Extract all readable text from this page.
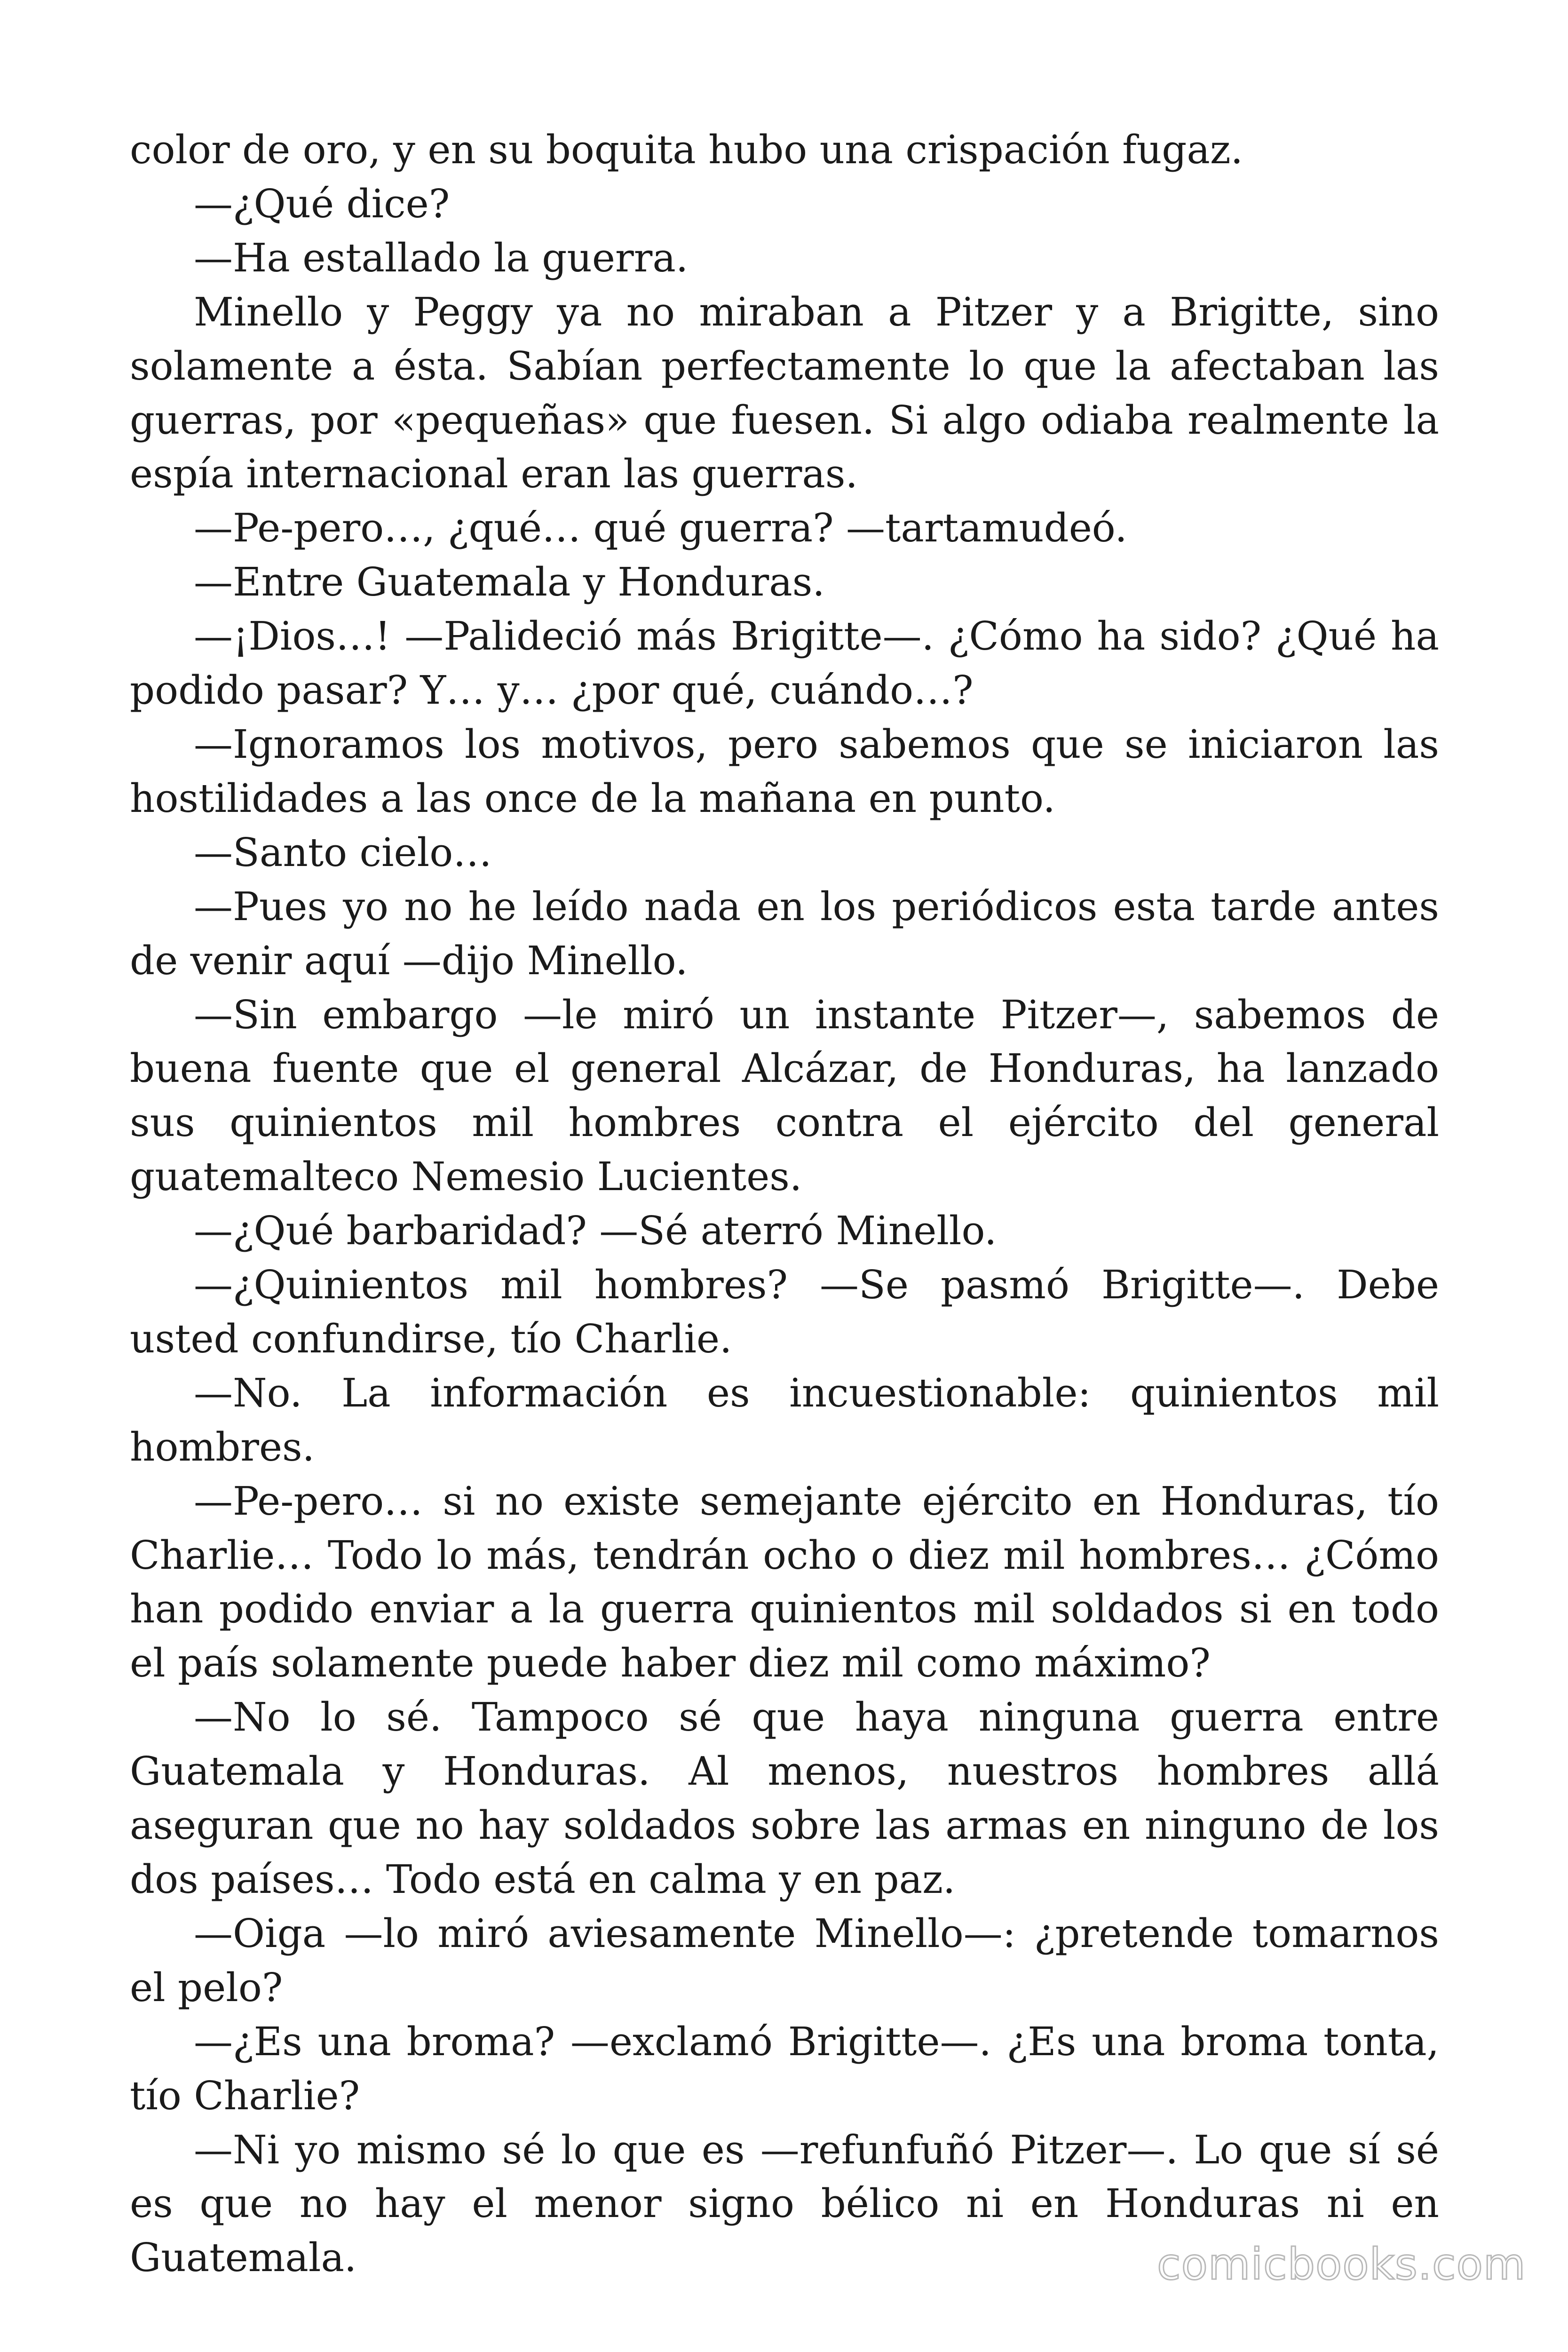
color de oro, y en su boquita hubo una crispación fugaz.

—¿Qué dice?

—Ha estallado la guerra.

Minello y Peggy ya no miraban a Pitzer y a Brigitte, sino solamente a ésta. Sabían perfectamente lo que la afectaban las guerras, por «pequeñas» que fuesen. Si algo odiaba realmente la espía internacional eran las guerras.

—Pe-pero…, ¿qué… qué guerra? —tartamudeó.

—Entre Guatemala y Honduras.

—¡Dios…! —Palideció más Brigitte—. ¿Cómo ha sido? ¿Qué ha podido pasar? Y… y… ¿por qué, cuándo…?

—Ignoramos los motivos, pero sabemos que se iniciaron las hostilidades a las once de la mañana en punto.

—Santo cielo…

—Pues yo no he leído nada en los periódicos esta tarde antes de venir aquí —dijo Minello.

—Sin embargo —le miró un instante Pitzer—, sabemos de buena fuente que el general Alcázar, de Honduras, ha lanzado sus quinientos mil hombres contra el ejército del general guatemalteco Nemesio Lucientes.

—¿Qué barbaridad? —Sé aterró Minello.

—¿Quinientos mil hombres? —Se pasmó Brigitte—. Debe usted confundirse, tío Charlie.

—No. La información es incuestionable: quinientos mil hombres.

—Pe-pero… si no existe semejante ejército en Honduras, tío Charlie… Todo lo más, tendrán ocho o diez mil hombres… ¿Cómo han podido enviar a la guerra quinientos mil soldados si en todo el país solamente puede haber diez mil como máximo?

—No lo sé. Tampoco sé que haya ninguna guerra entre Guatemala y Honduras. Al menos, nuestros hombres allá aseguran que no hay soldados sobre las armas en ninguno de los dos países… Todo está en calma y en paz.

—Oiga —lo miró aviesamente Minello—: ¿pretende tomarnos el pelo?

—¿Es una broma? —exclamó Brigitte—. ¿Es una broma tonta, tío Charlie?

—Ni yo mismo sé lo que es —refunfuñó Pitzer—. Lo que sí sé es que no hay el menor signo bélico ni en Honduras ni en Guatemala.	comicbooks.com
